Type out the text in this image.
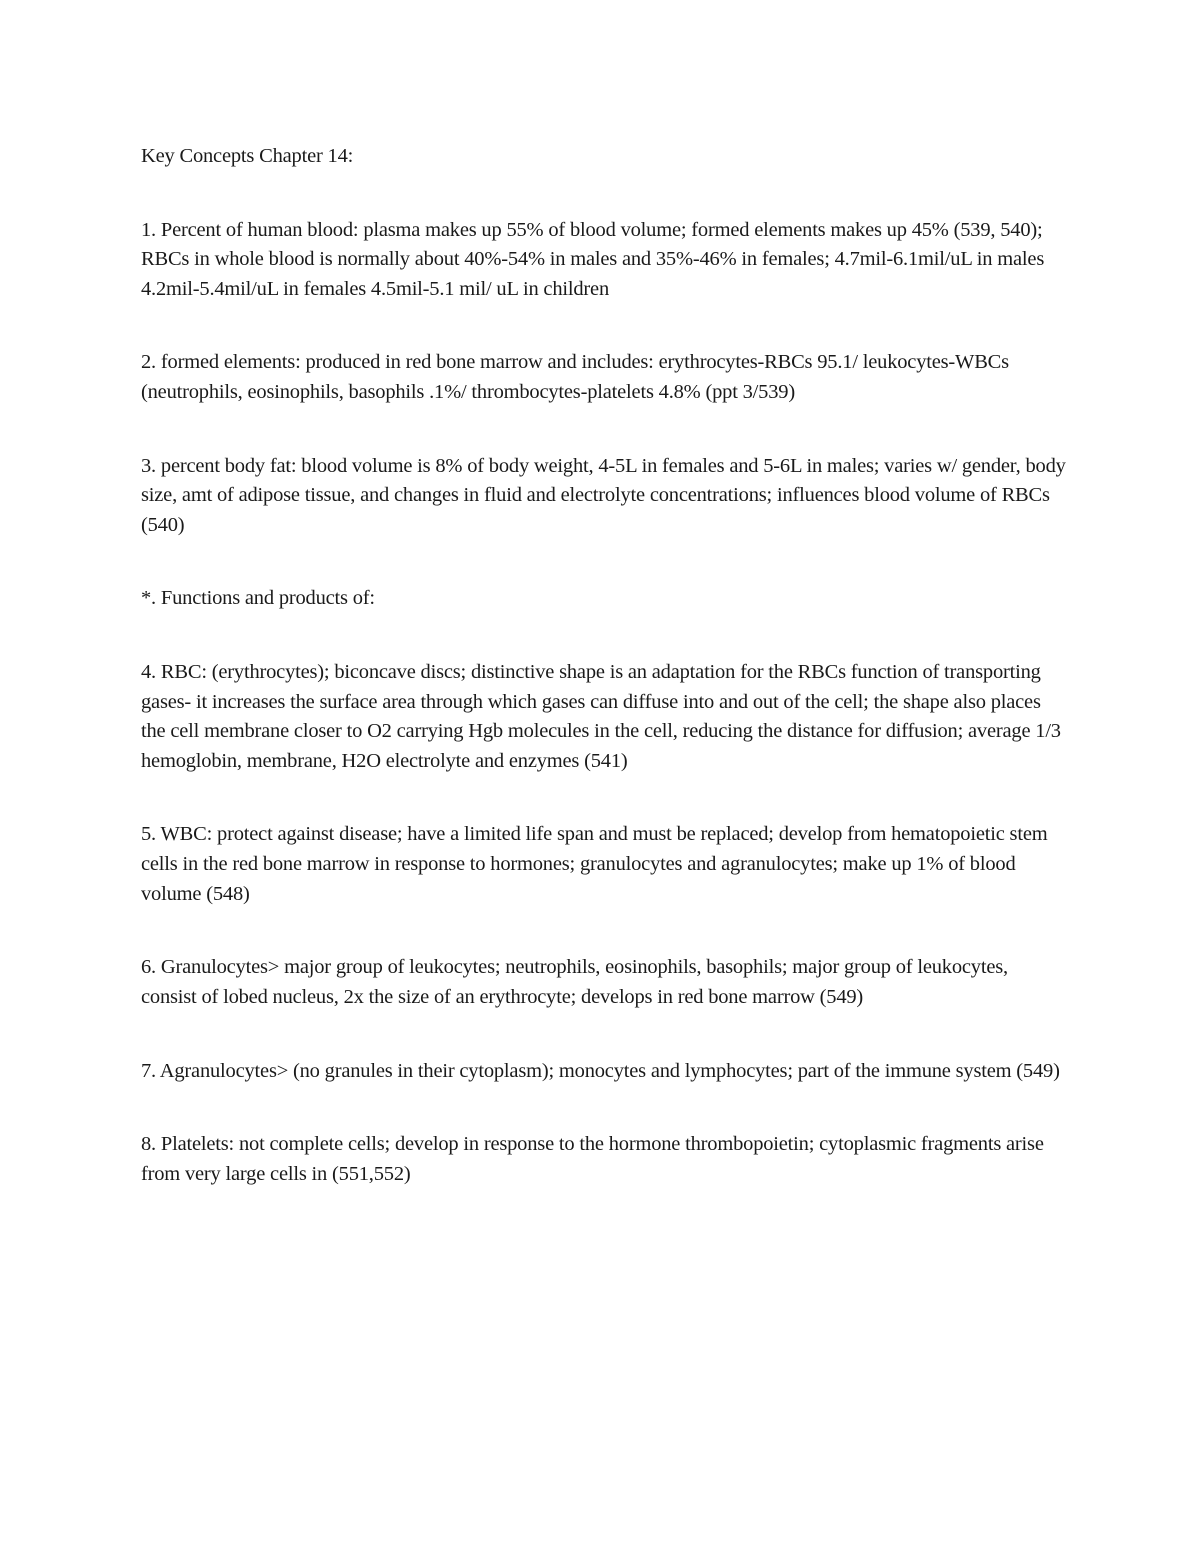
Key Concepts Chapter 14:
1. Percent of human blood: plasma makes up 55% of blood volume; formed elements makes up 45% (539, 540); RBCs in whole blood is normally about 40%-54% in males and 35%-46% in females; 4.7mil-6.1mil/uL in males 4.2mil-5.4mil/uL in females 4.5mil-5.1 mil/ uL in children
2. formed elements: produced in red bone marrow and includes: erythrocytes-RBCs 95.1/ leukocytes-WBCs (neutrophils, eosinophils, basophils .1%/ thrombocytes-platelets 4.8% (ppt 3/539)
3. percent body fat: blood volume is 8% of body weight, 4-5L in females and 5-6L in males; varies w/ gender, body size, amt of adipose tissue, and changes in fluid and electrolyte concentrations; influences blood volume of RBCs (540)
*. Functions and products of:
4. RBC: (erythrocytes); biconcave discs; distinctive shape is an adaptation for the RBCs function of transporting gases- it increases the surface area through which gases can diffuse into and out of the cell; the shape also places the cell membrane closer to O2 carrying Hgb molecules in the cell, reducing the distance for diffusion; average 1/3 hemoglobin, membrane, H2O electrolyte and enzymes (541)
5. WBC: protect against disease; have a limited life span and must be replaced; develop from hematopoietic stem cells in the red bone marrow in response to hormones; granulocytes and agranulocytes; make up 1% of blood volume (548)
6. Granulocytes> major group of leukocytes; neutrophils, eosinophils, basophils; major group of leukocytes, consist of lobed nucleus, 2x the size of an erythrocyte; develops in red bone marrow (549)
7. Agranulocytes> (no granules in their cytoplasm); monocytes and lymphocytes; part of the immune system (549)
8. Platelets: not complete cells; develop in response to the hormone thrombopoietin; cytoplasmic fragments arise from very large cells in (551,552)
